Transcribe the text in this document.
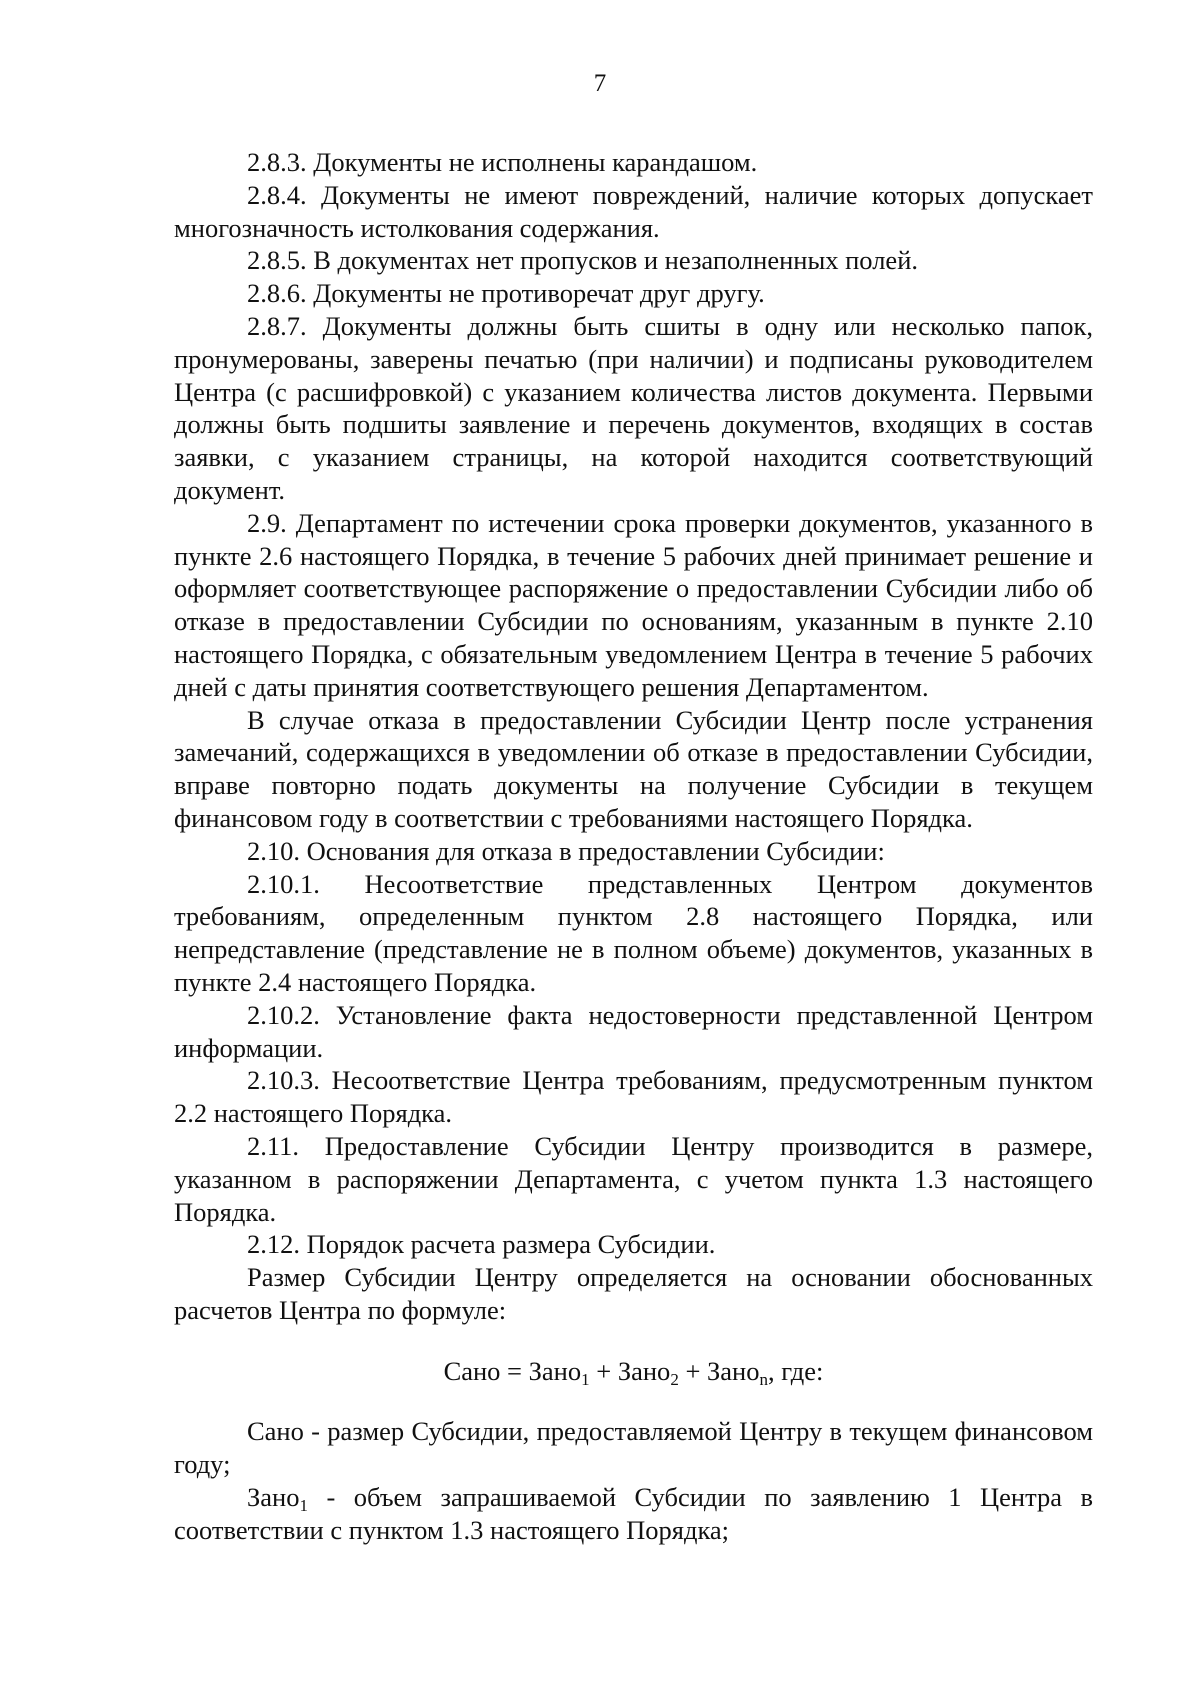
7

2.8.3. Документы не исполнены карандашом.

2.8.4. Документы не имеют повреждений, наличие которых допускает многозначность истолкования содержания.

2.8.5. В документах нет пропусков и незаполненных полей.

2.8.6. Документы не противоречат друг другу.

2.8.7. Документы должны быть сшиты в одну или несколько папок, пронумерованы, заверены печатью (при наличии) и подписаны руководителем Центра (с расшифровкой) с указанием количества листов документа. Первыми должны быть подшиты заявление и перечень документов, входящих в состав заявки, с указанием страницы, на которой находится соответствующий документ.

2.9. Департамент по истечении срока проверки документов, указанного в пункте 2.6 настоящего Порядка, в течение 5 рабочих дней принимает решение и оформляет соответствующее распоряжение о предоставлении Субсидии либо об отказе в предоставлении Субсидии по основаниям, указанным в пункте 2.10 настоящего Порядка, с обязательным уведомлением Центра в течение 5 рабочих дней с даты принятия соответствующего решения Департаментом.

В случае отказа в предоставлении Субсидии Центр после устранения замечаний, содержащихся в уведомлении об отказе в предоставлении Субсидии, вправе повторно подать документы на получение Субсидии в текущем финансовом году в соответствии с требованиями настоящего Порядка.

2.10. Основания для отказа в предоставлении Субсидии:

2.10.1. Несоответствие представленных Центром документов требованиям, определенным пунктом 2.8 настоящего Порядка, или непредставление (представление не в полном объеме) документов, указанных в пункте 2.4 настоящего Порядка.

2.10.2. Установление факта недостоверности представленной Центром информации.

2.10.3. Несоответствие Центра требованиям, предусмотренным пунктом 2.2 настоящего Порядка.

2.11. Предоставление Субсидии Центру производится в размере, указанном в распоряжении Департамента, с учетом пункта 1.3 настоящего Порядка.

2.12. Порядок расчета размера Субсидии.

Размер Субсидии Центру определяется на основании обоснованных расчетов Центра по формуле:

Сано = Зано$_1$ + Зано$_2$ + Зано$_n$, где:

Сано - размер Субсидии, предоставляемой Центру в текущем финансовом году;

Зано$_1$ - объем запрашиваемой Субсидии по заявлению 1 Центра в соответствии с пунктом 1.3 настоящего Порядка;
